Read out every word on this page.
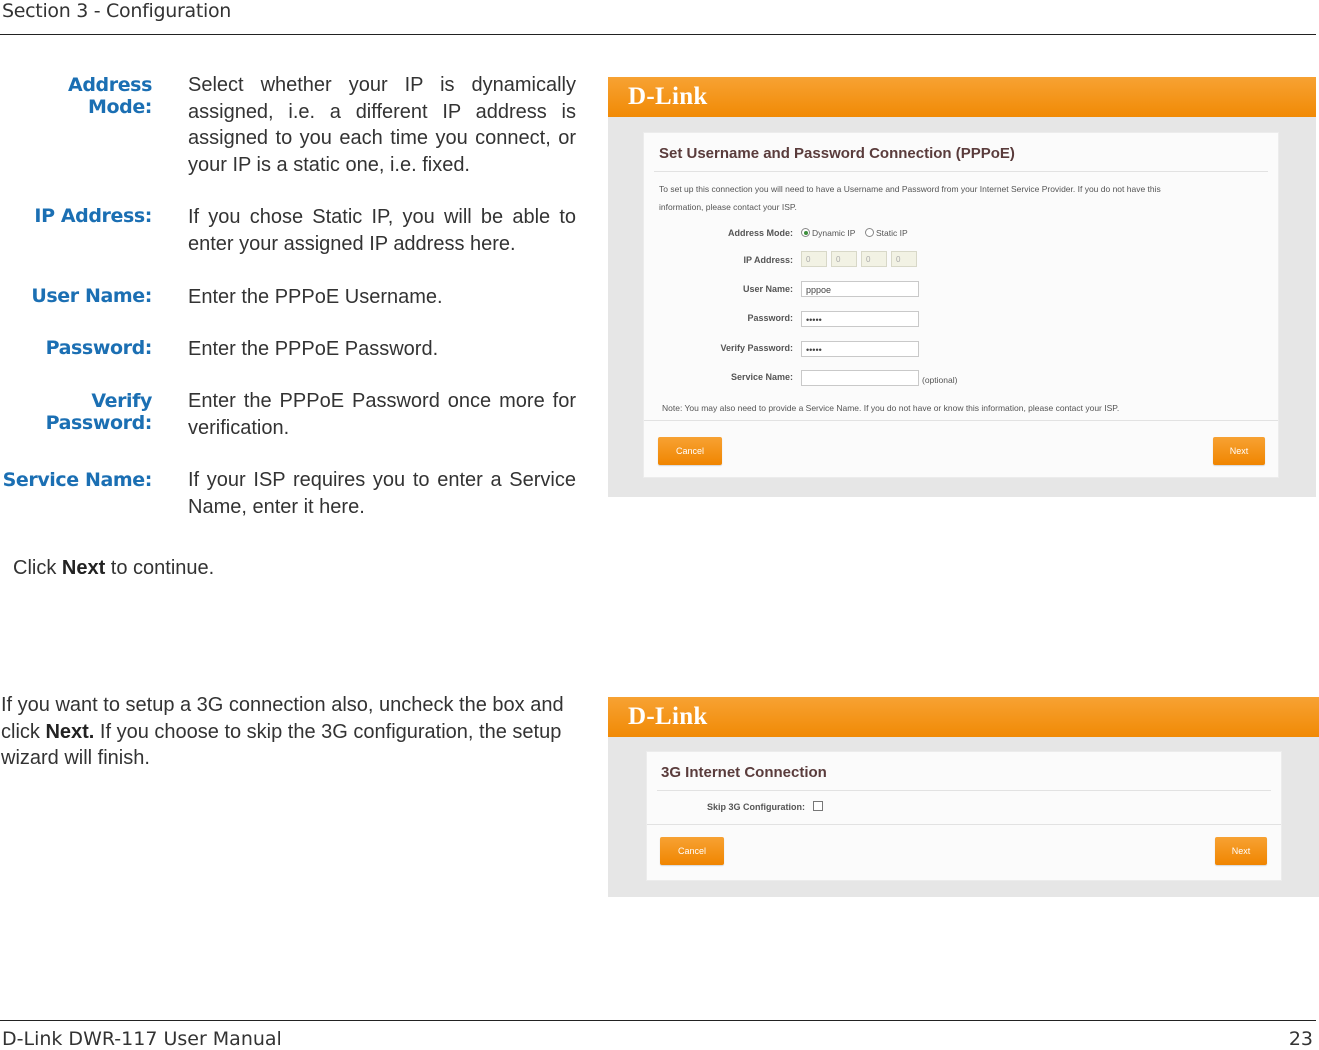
Section 3 - Configuration
Address Mode:
Select whether your IP is dynamically assigned, i.e. a different IP address is assigned to you each time you connect, or your IP is a static one, i.e. fixed.
IP Address: If you chose Static IP, you will be able to enter your assigned IP address here.
User Name: Enter the PPPoE Username.
Password: Enter the PPPoE Password.
Verify Password:
Enter the PPPoE Password once more for verification.
Service Name: If your ISP requires you to enter a Service Name, enter it here.
Click Next to continue.
If you want to setup a 3G connection also, uncheck the box and click Next. If you choose to skip the 3G configuration, the setup wizard will finish.
D-Link
Set Username and Password Connection (PPPoE)
To set up this connection you will need to have a Username and Password from your Internet Service Provider. If you do not have this
information, please contact your ISP.
Address Mode: Dynamic IP Static IP
IP Address:	0	0	0	0
User Name:	pppoe
Password:	•••••
Verify Password:	•••••
Service Name:	(optional)
Note: You may also need to provide a Service Name. If you do not have or know this information, please contact your ISP.
Cancel	Next
D-Link
3G Internet Connection
Skip 3G Configuration:
Cancel	Next
D-Link DWR-117 User Manual	23
